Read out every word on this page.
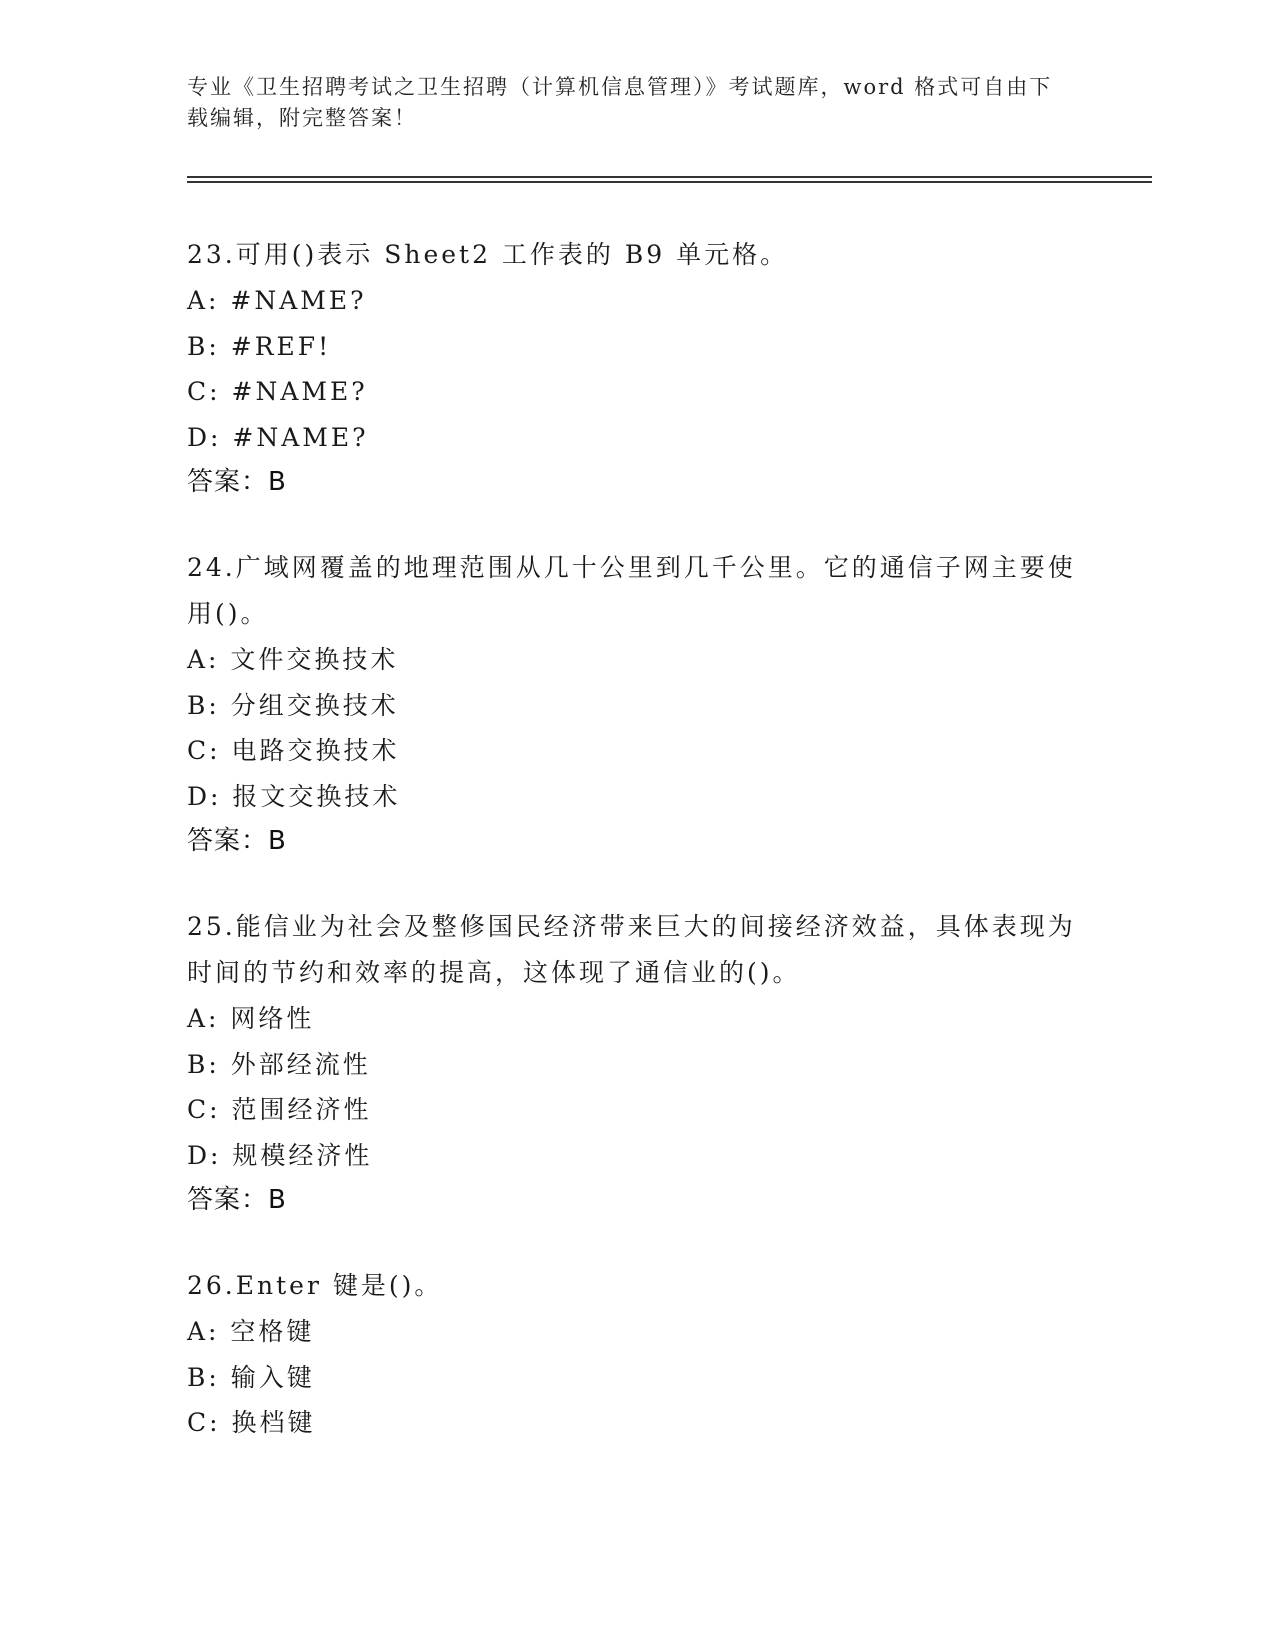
专业《卫生招聘考试之卫生招聘（计算机信息管理）》考试题库，word 格式可自由下载编辑，附完整答案！
23.可用()表示 Sheet2 工作表的 B9 单元格。
A: #NAME?
B: #REF!
C: #NAME?
D: #NAME?
答案：B
24.广域网覆盖的地理范围从几十公里到几千公里。它的通信子网主要使用()。
A: 文件交换技术
B: 分组交换技术
C: 电路交换技术
D: 报文交换技术
答案：B
25.能信业为社会及整修国民经济带来巨大的间接经济效益，具体表现为时间的节约和效率的提高，这体现了通信业的()。
A: 网络性
B: 外部经流性
C: 范围经济性
D: 规模经济性
答案：B
26.Enter 键是()。
A: 空格键
B: 输入键
C: 换档键
